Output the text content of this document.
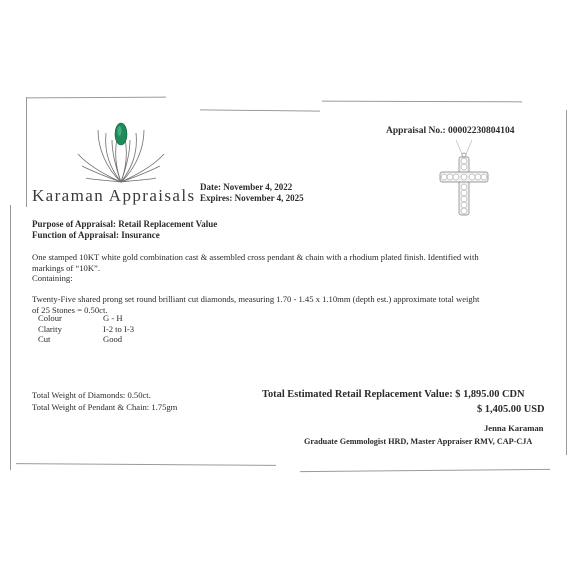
Karaman Appraisals
Appraisal No.: 00002230804104
Date: November 4, 2022
Expires: November 4, 2025
Purpose of Appraisal: Retail Replacement Value
Function of Appraisal: Insurance

One stamped 10KT white gold combination cast & assembled cross pendant & chain with a rhodium plated finish. Identified with

markings of “10K”.

Containing:

Twenty-Five shared prong set round brilliant cut diamonds, measuring 1.70 - 1.45 x 1.10mm (depth est.) approximate total weight
of 25 Stones = 0.50ct.
Colour	G - H
Clarity	I-2 to I-3
Cut	Good
Total Weight of Diamonds: 0.50ct.
Total Weight of Pendant & Chain: 1.75gm
Total Estimated Retail Replacement Value: $ 1,895.00 CDN
$ 1,405.00 USD
Jenna Karaman
Graduate Gemmologist HRD, Master Appraiser RMV, CAP-CJA
